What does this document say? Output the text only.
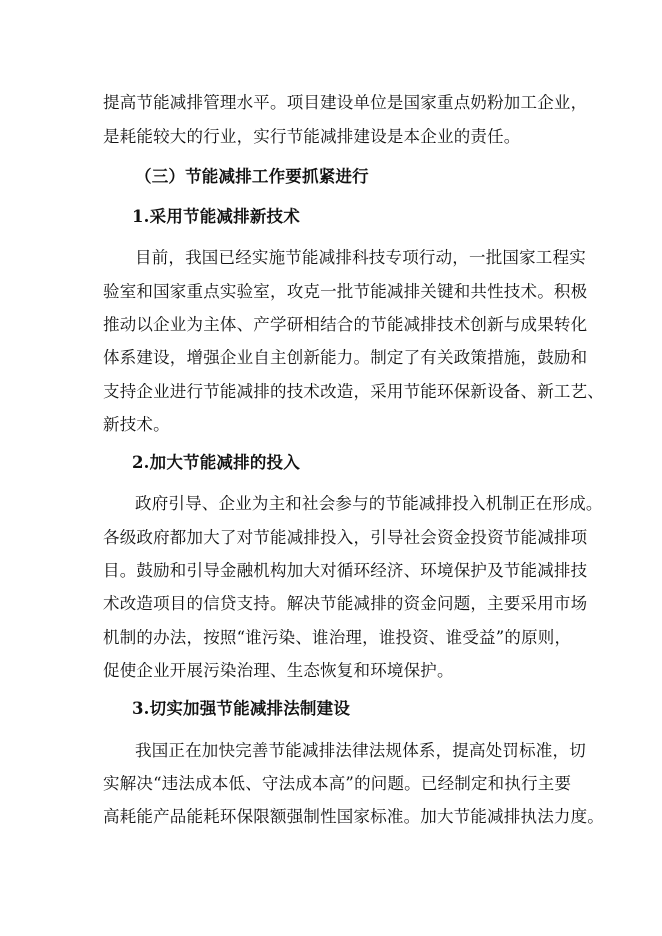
提高节能减排管理水平。项目建设单位是国家重点奶粉加工企业，
是耗能较大的行业，实行节能减排建设是本企业的责任。
（三）节能减排工作要抓紧进行
1.采用节能减排新技术
目前，我国已经实施节能减排科技专项行动，一批国家工程实
验室和国家重点实验室，攻克一批节能减排关键和共性技术。积极
推动以企业为主体、产学研相结合的节能减排技术创新与成果转化
体系建设，增强企业自主创新能力。制定了有关政策措施，鼓励和
支持企业进行节能减排的技术改造，采用节能环保新设备、新工艺、
新技术。
2.加大节能减排的投入
政府引导、企业为主和社会参与的节能减排投入机制正在形成。
各级政府都加大了对节能减排投入，引导社会资金投资节能减排项
目。鼓励和引导金融机构加大对循环经济、环境保护及节能减排技
术改造项目的信贷支持。解决节能减排的资金问题，主要采用市场
机制的办法，按照“谁污染、谁治理，谁投资、谁受益”的原则，
促使企业开展污染治理、生态恢复和环境保护。
3.切实加强节能减排法制建设
我国正在加快完善节能减排法律法规体系，提高处罚标准，切
实解决“违法成本低、守法成本高”的问题。已经制定和执行主要
高耗能产品能耗环保限额强制性国家标准。加大节能减排执法力度。
